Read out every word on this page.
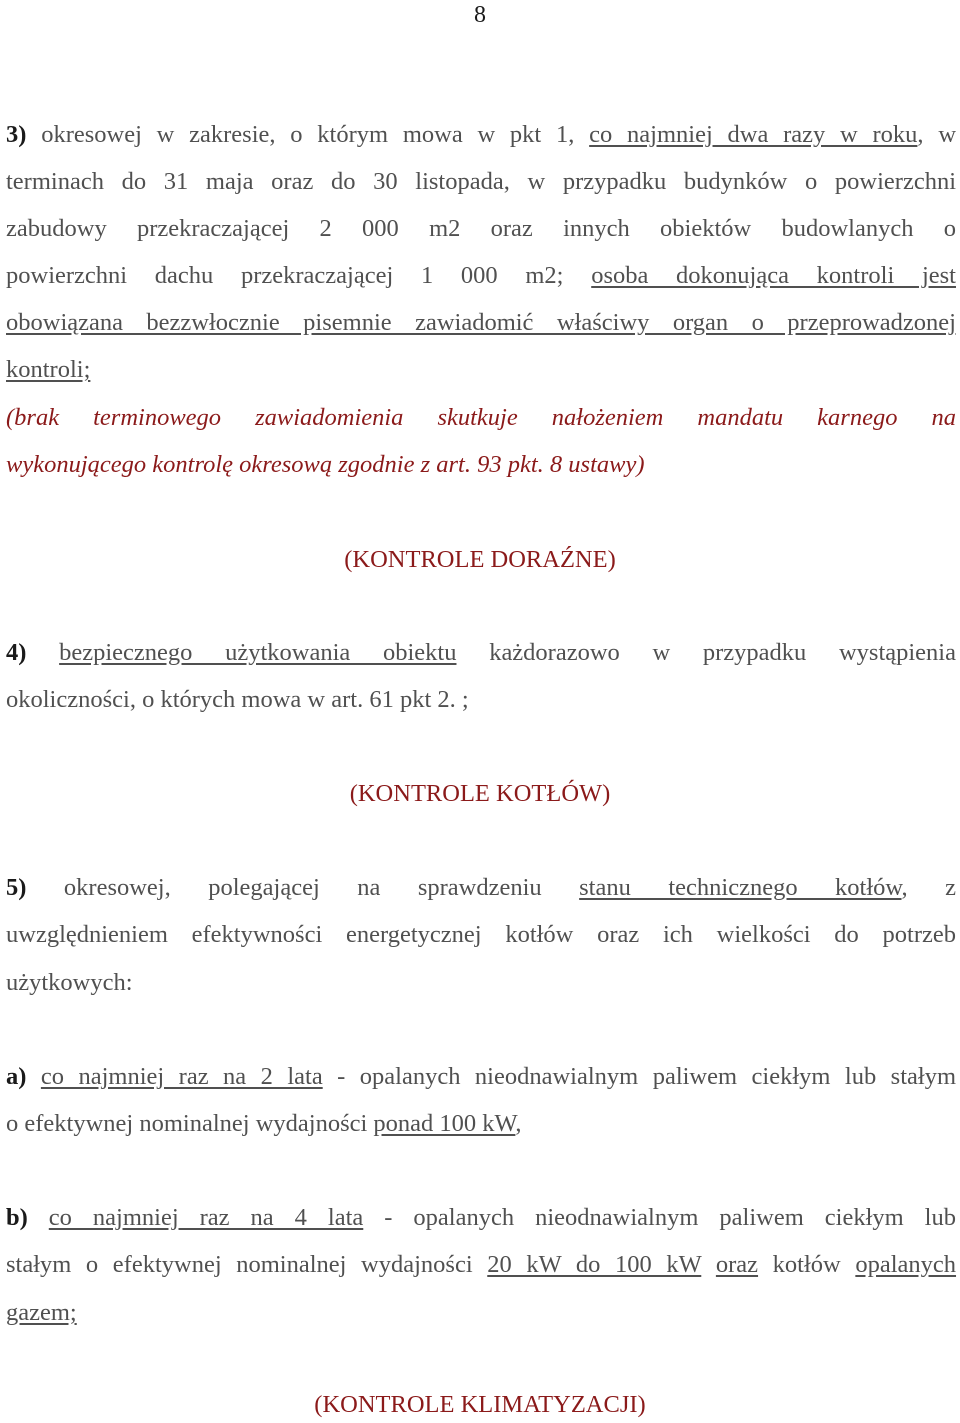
8
3) okresowej w zakresie, o którym mowa w pkt 1, co najmniej dwa razy w roku, w
terminach do 31 maja oraz do 30 listopada, w przypadku budynków o powierzchni
zabudowy przekraczającej 2 000 m2 oraz innych obiektów budowlanych o
powierzchni dachu przekraczającej 1 000 m2; osoba dokonująca kontroli jest
obowiązana bezzwłocznie pisemnie zawiadomić właściwy organ o przeprowadzonej
kontroli;
(brak terminowego zawiadomienia skutkuje nałożeniem mandatu karnego na
wykonującego kontrolę okresową zgodnie z art. 93 pkt. 8 ustawy)
(KONTROLE DORAŹNE)
4) bezpiecznego użytkowania obiektu każdorazowo w przypadku wystąpienia
okoliczności, o których mowa w art. 61 pkt 2. ;
(KONTROLE KOTŁÓW)
5) okresowej, polegającej na sprawdzeniu stanu technicznego kotłów, z
uwzględnieniem efektywności energetycznej kotłów oraz ich wielkości do potrzeb
użytkowych:
a) co najmniej raz na 2 lata - opalanych nieodnawialnym paliwem ciekłym lub stałym
o efektywnej nominalnej wydajności ponad 100 kW,
b) co najmniej raz na 4 lata - opalanych nieodnawialnym paliwem ciekłym lub
stałym o efektywnej nominalnej wydajności 20 kW do 100 kW oraz kotłów opalanych
gazem;
(KONTROLE KLIMATYZACJI)
